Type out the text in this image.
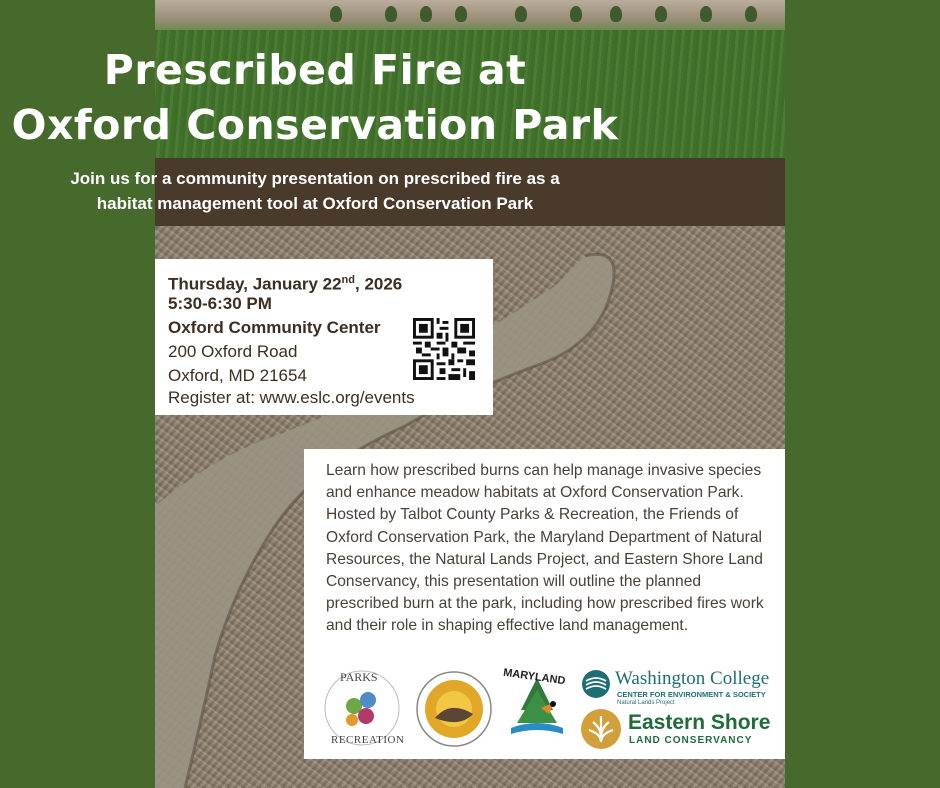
Prescribed Fire at
Oxford Conservation Park
Join us for a community presentation on prescribed fire as a
habitat management tool at Oxford Conservation Park
Thursday, January 22nd, 2026
5:30-6:30 PM
Oxford Community Center
200 Oxford Road
Oxford, MD 21654
Register at: www.eslc.org/events
Learn how prescribed burns can help manage invasive species and enhance meadow habitats at Oxford Conservation Park. Hosted by Talbot County Parks & Recreation, the Friends of Oxford Conservation Park, the Maryland Department of Natural Resources, the Natural Lands Project, and Eastern Shore Land Conservancy, this presentation will outline the planned prescribed burn at the park, including how prescribed fires work and their role in shaping effective land management.
PARKS
RECREATION
MARYLAND	Washington College
CENTER FOR ENVIRONMENT & SOCIETY
Natural Lands Project
Eastern Shore
LAND CONSERVANCY
